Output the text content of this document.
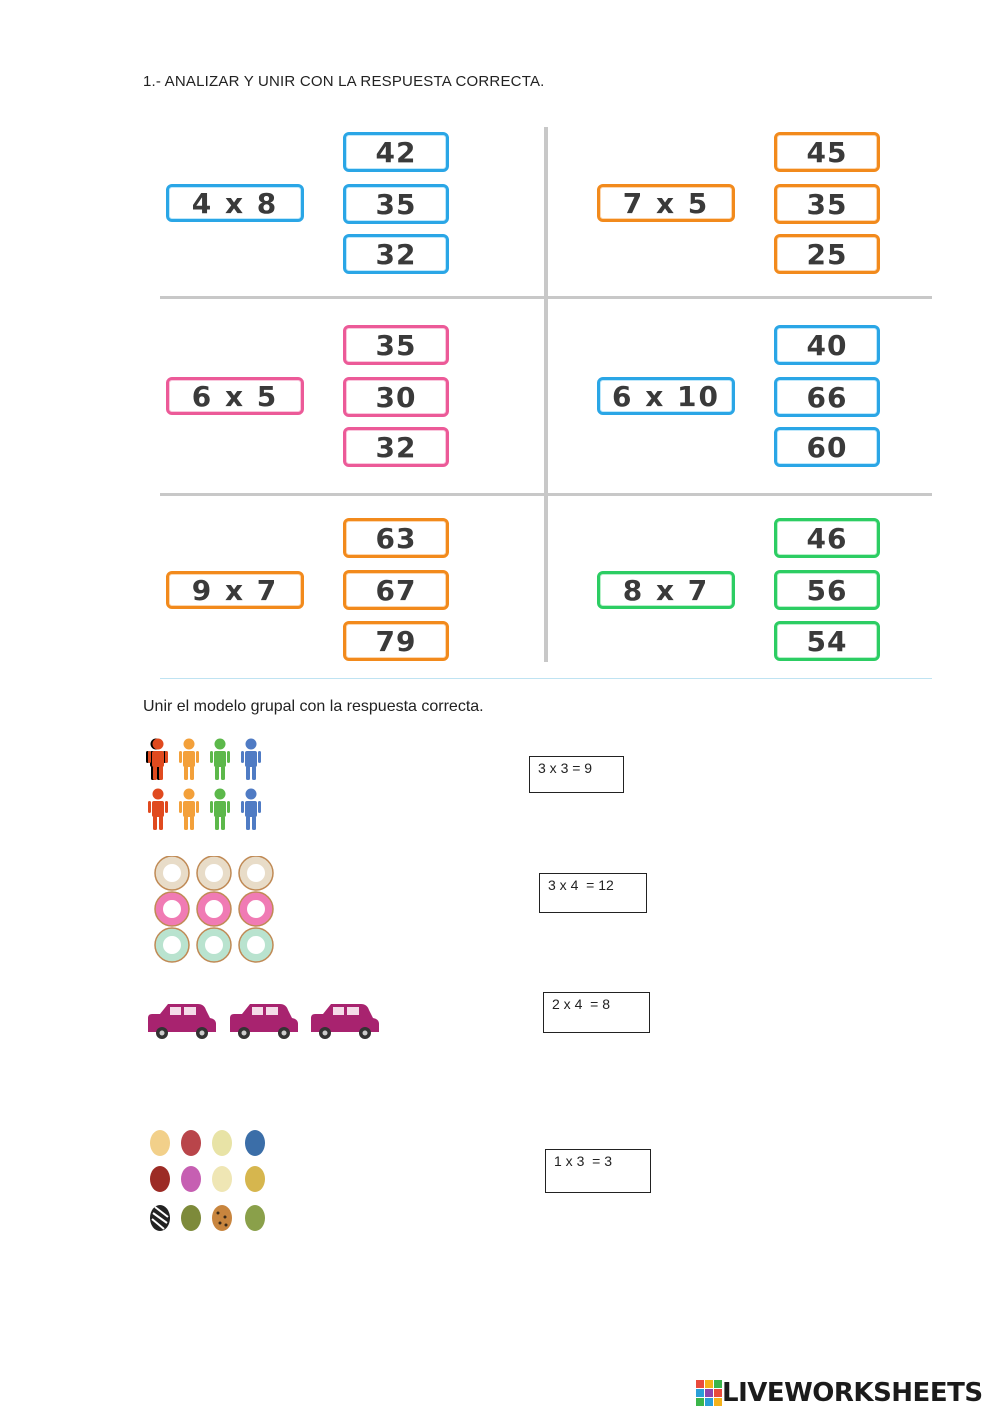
1.- ANALIZAR Y UNIR CON LA RESPUESTA CORRECTA.
4 x 8
42
35
32
7 x 5
45
35
25
6 x 5
35
30
32
6 x 10
40
66
60
9 x 7
63
67
79
8 x 7
46
56
54
Unir el modelo grupal con la respuesta correcta.
3 x 3 = 9
3 x 4  = 12
2 x 4  = 8
1 x 3  = 3
LIVEWORKSHEETS
